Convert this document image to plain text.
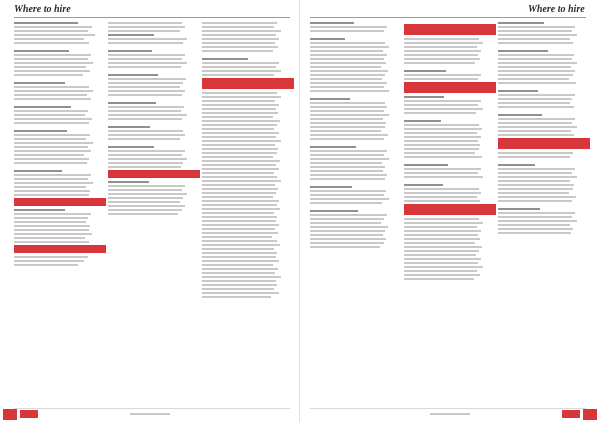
Where to hire	Where to hire
